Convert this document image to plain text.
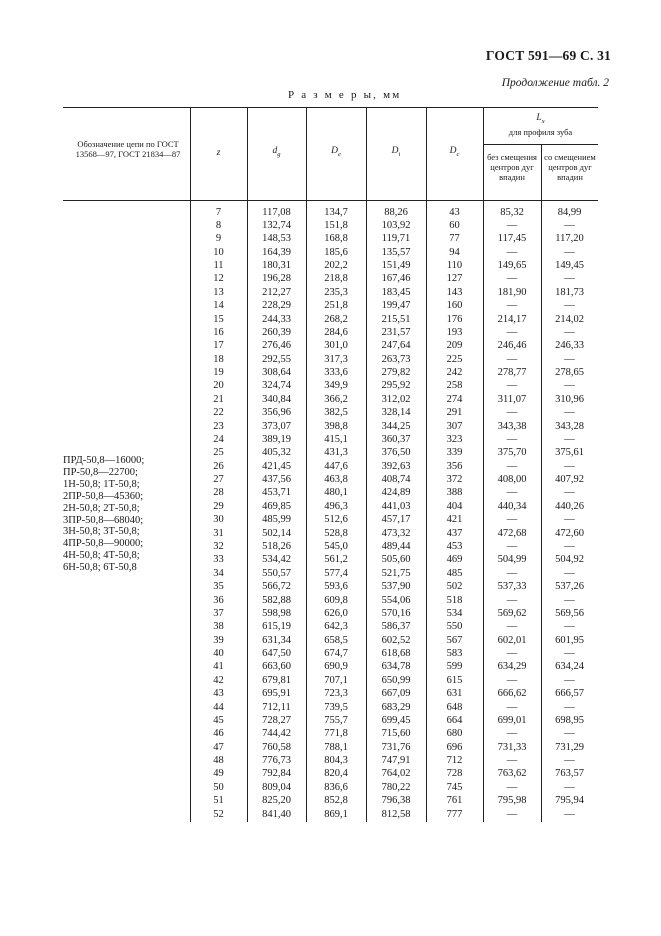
ГОСТ 591—69 С. 31
Продолжение табл. 2
Р а з м е р ы, мм
Обозначение цепи по ГОСТ 13568—97, ГОСТ 21834—87	z	$d_g$	$D_e$	$D_i$	$D_c$
$L_x$
для профиля зуба
без смещения центров дуг впадин
со смещением центров дуг впадин
ПРД-50,8—16000;
ПР-50,8—22700;
1Н-50,8; 1Т-50,8;
2ПР-50,8—45360;
2Н-50,8; 2Т-50,8;
3ПР-50,8—68040;
3Н-50,8; 3Т-50,8;
4ПР-50,8—90000;
4Н-50,8; 4Т-50,8;
6Н-50,8; 6Т-50,8
7	117,08	134,7	88,26	43	85,32	84,99
8	132,74	151,8	103,92	60	—	—
9	148,53	168,8	119,71	77	117,45	117,20
10	164,39	185,6	135,57	94	—	—
11	180,31	202,2	151,49	110	149,65	149,45
12	196,28	218,8	167,46	127	—	—
13	212,27	235,3	183,45	143	181,90	181,73
14	228,29	251,8	199,47	160	—	—
15	244,33	268,2	215,51	176	214,17	214,02
16	260,39	284,6	231,57	193	—	—
17	276,46	301,0	247,64	209	246,46	246,33
18	292,55	317,3	263,73	225	—	—
19	308,64	333,6	279,82	242	278,77	278,65
20	324,74	349,9	295,92	258	—	—
21	340,84	366,2	312,02	274	311,07	310,96
22	356,96	382,5	328,14	291	—	—
23	373,07	398,8	344,25	307	343,38	343,28
24	389,19	415,1	360,37	323	—	—
25	405,32	431,3	376,50	339	375,70	375,61
26	421,45	447,6	392,63	356	—	—
27	437,56	463,8	408,74	372	408,00	407,92
28	453,71	480,1	424,89	388	—	—
29	469,85	496,3	441,03	404	440,34	440,26
30	485,99	512,6	457,17	421	—	—
31	502,14	528,8	473,32	437	472,68	472,60
32	518,26	545,0	489,44	453	—	—
33	534,42	561,2	505,60	469	504,99	504,92
34	550,57	577,4	521,75	485	—	—
35	566,72	593,6	537,90	502	537,33	537,26
36	582,88	609,8	554,06	518	—	—
37	598,98	626,0	570,16	534	569,62	569,56
38	615,19	642,3	586,37	550	—	—
39	631,34	658,5	602,52	567	602,01	601,95
40	647,50	674,7	618,68	583	—	—
41	663,60	690,9	634,78	599	634,29	634,24
42	679,81	707,1	650,99	615	—	—
43	695,91	723,3	667,09	631	666,62	666,57
44	712,11	739,5	683,29	648	—	—
45	728,27	755,7	699,45	664	699,01	698,95
46	744,42	771,8	715,60	680	—	—
47	760,58	788,1	731,76	696	731,33	731,29
48	776,73	804,3	747,91	712	—	—
49	792,84	820,4	764,02	728	763,62	763,57
50	809,04	836,6	780,22	745	—	—
51	825,20	852,8	796,38	761	795,98	795,94
52	841,40	869,1	812,58	777	—	—
